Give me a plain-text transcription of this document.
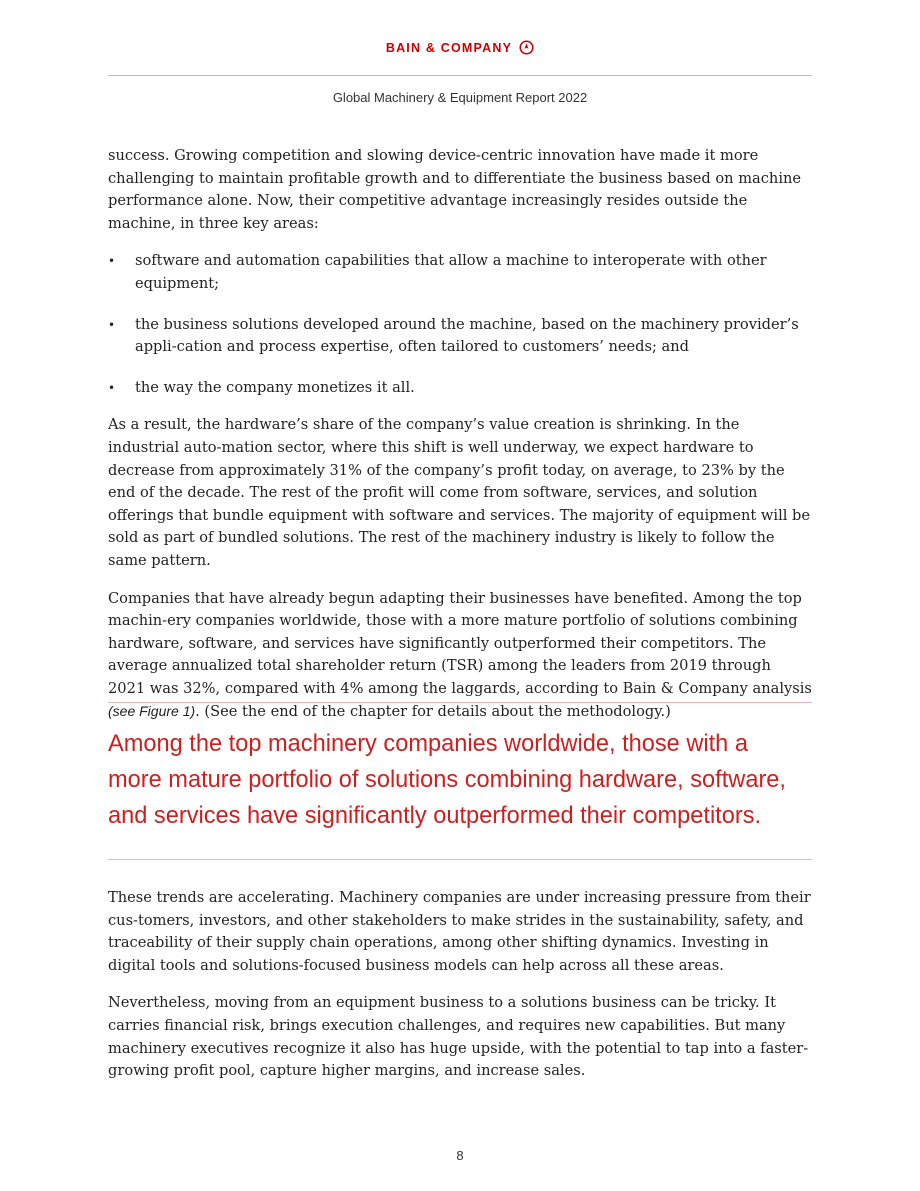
BAIN & COMPANY
Global Machinery & Equipment Report 2022

success. Growing competition and slowing device-centric innovation have made it more challenging to maintain profitable growth and to differentiate the business based on machine performance alone. Now, their competitive advantage increasingly resides outside the machine, in three key areas:

• software and automation capabilities that allow a machine to interoperate with other equipment;
• the business solutions developed around the machine, based on the machinery provider’s appli-cation and process expertise, often tailored to customers’ needs; and
• the way the company monetizes it all.

As a result, the hardware’s share of the company’s value creation is shrinking. In the industrial auto-mation sector, where this shift is well underway, we expect hardware to decrease from approximately 31% of the company’s profit today, on average, to 23% by the end of the decade. The rest of the profit will come from software, services, and solution offerings that bundle equipment with software and services. The majority of equipment will be sold as part of bundled solutions. The rest of the machinery industry is likely to follow the same pattern.

Companies that have already begun adapting their businesses have benefited. Among the top machin-ery companies worldwide, those with a more mature portfolio of solutions combining hardware, software, and services have significantly outperformed their competitors. The average annualized total shareholder return (TSR) among the leaders from 2019 through 2021 was 32%, compared with 4% among the laggards, according to Bain & Company analysis (see Figure 1). (See the end of the chapter for details about the methodology.)

Among the top machinery companies worldwide, those with a
more mature portfolio of solutions combining hardware, software,
and services have significantly outperformed their competitors.

These trends are accelerating. Machinery companies are under increasing pressure from their cus-tomers, investors, and other stakeholders to make strides in the sustainability, safety, and traceability of their supply chain operations, among other shifting dynamics. Investing in digital tools and solutions-focused business models can help across all these areas.

Nevertheless, moving from an equipment business to a solutions business can be tricky. It carries financial risk, brings execution challenges, and requires new capabilities. But many machinery executives recognize it also has huge upside, with the potential to tap into a faster-growing profit pool, capture higher margins, and increase sales.

8
